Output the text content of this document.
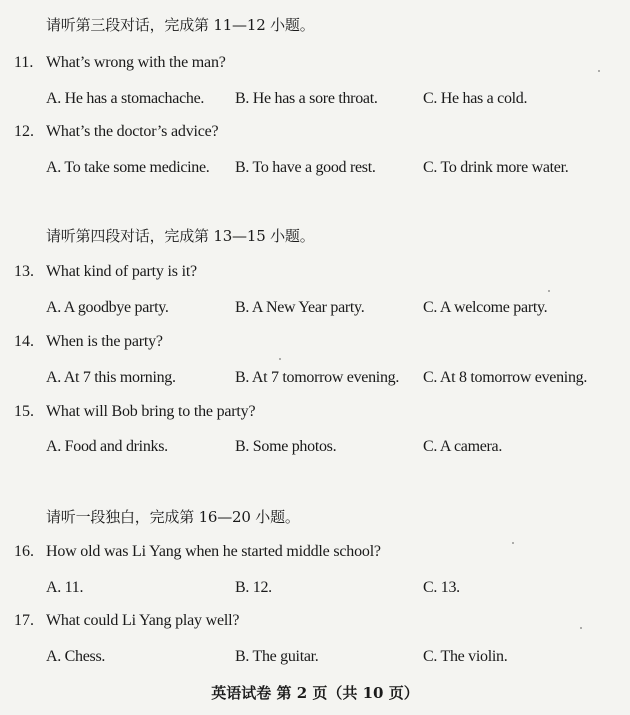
请听第三段对话，完成第 11—12 小题。
11. What’s wrong with the man?
A. He has a stomachache. B. He has a sore throat.	C. He has a cold.
12. What’s the doctor’s advice?
A. To take some medicine. B. To have a good rest.	C. To drink more water.
请听第四段对话，完成第 13—15 小题。
13. What kind of party is it?
A. A goodbye party.	B. A New Year party.	C. A welcome party.
14. When is the party?
A. At 7 this morning.	B. At 7 tomorrow evening. C. At 8 tomorrow evening.
15. What will Bob bring to the party?
A. Food and drinks.	B. Some photos.	C. A camera.
请听一段独白，完成第 16—20 小题。
16. How old was Li Yang when he started middle school?
A. 11.	B. 12.	C. 13.
17. What could Li Yang play well?
A. Chess.	B. The guitar.	C. The violin.
英语试卷 第 2 页（共 10 页）
